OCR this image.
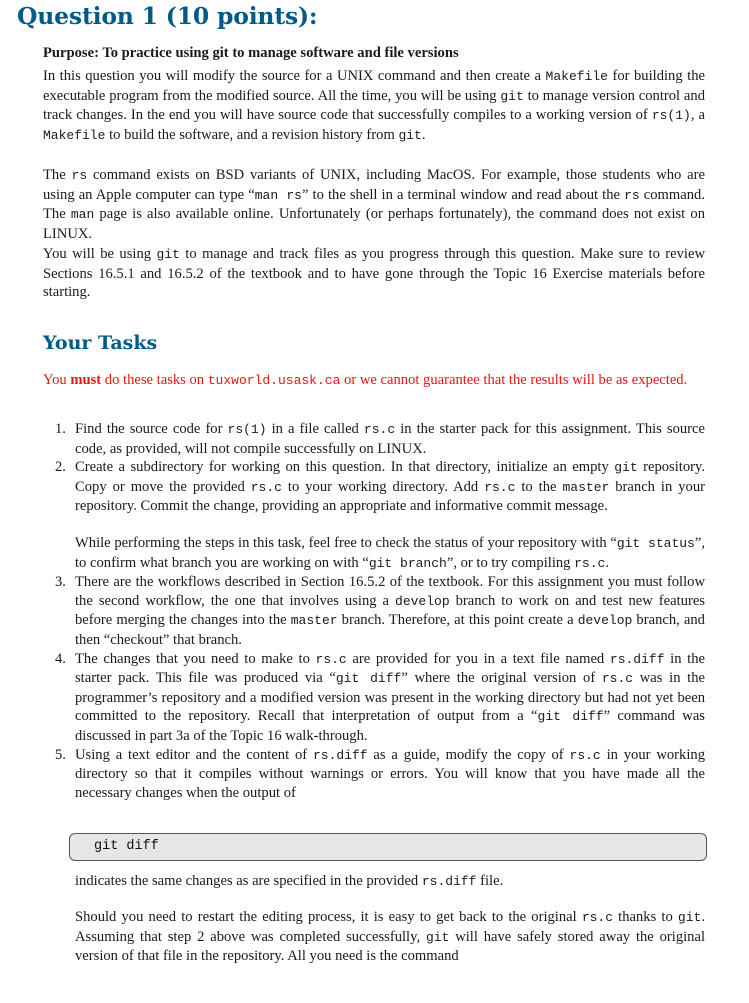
Question 1 (10 points):

Purpose: To practice using git to manage software and file versions

In this question you will modify the source for a UNIX command and then create a Makefile for building the executable program from the modified source. All the time, you will be using git to manage version control and track changes. In the end you will have source code that successfully compiles to a working version of rs(1), a Makefile to build the software, and a revision history from git.

The rs command exists on BSD variants of UNIX, including MacOS. For example, those students who are using an Apple computer can type “man rs” to the shell in a terminal window and read about the rs command. The man page is also available online. Unfortunately (or perhaps fortunately), the command does not exist on LINUX.

You will be using git to manage and track files as you progress through this question. Make sure to review Sections 16.5.1 and 16.5.2 of the textbook and to have gone through the Topic 16 Exercise materials before starting.

Your Tasks

You must do these tasks on tuxworld.usask.ca or we cannot guarantee that the results will be as expected.

1. Find the source code for rs(1) in a file called rs.c in the starter pack for this assignment. This source code, as provided, will not compile successfully on LINUX.
2. Create a subdirectory for working on this question. In that directory, initialize an empty git repository. Copy or move the provided rs.c to your working directory. Add rs.c to the master branch in your repository. Commit the change, providing an appropriate and informative commit message.
While performing the steps in this task, feel free to check the status of your repository with “git status”, to confirm what branch you are working on with “git branch”, or to try compiling rs.c.
3. There are the workflows described in Section 16.5.2 of the textbook. For this assignment you must follow the second workflow, the one that involves using a develop branch to work on and test new features before merging the changes into the master branch. Therefore, at this point create a develop branch, and then “checkout” that branch.
4. The changes that you need to make to rs.c are provided for you in a text file named rs.diff in the starter pack. This file was produced via “git diff” where the original version of rs.c was in the programmer’s repository and a modified version was present in the working directory but had not yet been committed to the repository. Recall that interpretation of output from a “git diff” command was discussed in part 3a of the Topic 16 walk-through.
5. Using a text editor and the content of rs.diff as a guide, modify the copy of rs.c in your working directory so that it compiles without warnings or errors. You will know that you have made all the necessary changes when the output of
git diff

indicates the same changes as are specified in the provided rs.diff file.

Should you need to restart the editing process, it is easy to get back to the original rs.c thanks to git. Assuming that step 2 above was completed successfully, git will have safely stored away the original version of that file in the repository. All you need is the command
